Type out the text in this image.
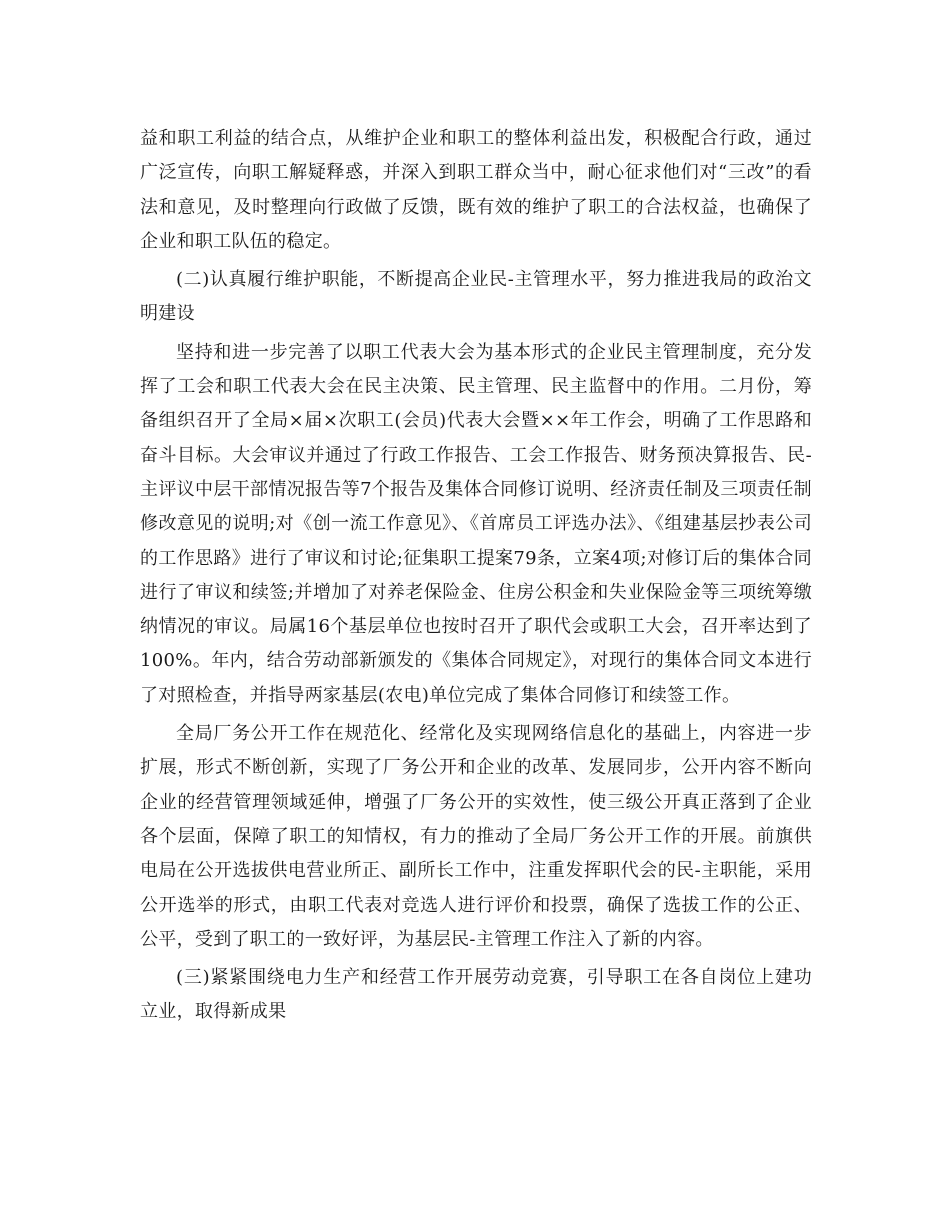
益和职工利益的结合点，从维护企业和职工的整体利益出发，积极配合行政，通过广泛宣传，向职工解疑释惑，并深入到职工群众当中，耐心征求他们对“三改”的看法和意见，及时整理向行政做了反馈，既有效的维护了职工的合法权益，也确保了企业和职工队伍的稳定。

(二)认真履行维护职能，不断提高企业民-主管理水平，努力推进我局的政治文明建设

坚持和进一步完善了以职工代表大会为基本形式的企业民主管理制度，充分发挥了工会和职工代表大会在民主决策、民主管理、民主监督中的作用。二月份，筹备组织召开了全局×届×次职工(会员)代表大会暨××年工作会，明确了工作思路和奋斗目标。大会审议并通过了行政工作报告、工会工作报告、财务预决算报告、民-主评议中层干部情况报告等7个报告及集体合同修订说明、经济责任制及三项责任制修改意见的说明;对《创一流工作意见》、《首席员工评选办法》、《组建基层抄表公司的工作思路》进行了审议和讨论;征集职工提案79条，立案4项;对修订后的集体合同进行了审议和续签;并增加了对养老保险金、住房公积金和失业保险金等三项统筹缴纳情况的审议。局属16个基层单位也按时召开了职代会或职工大会，召开率达到了100%。年内，结合劳动部新颁发的《集体合同规定》，对现行的集体合同文本进行了对照检查，并指导两家基层(农电)单位完成了集体合同修订和续签工作。

全局厂务公开工作在规范化、经常化及实现网络信息化的基础上，内容进一步扩展，形式不断创新，实现了厂务公开和企业的改革、发展同步，公开内容不断向企业的经营管理领域延伸，增强了厂务公开的实效性，使三级公开真正落到了企业各个层面，保障了职工的知情权，有力的推动了全局厂务公开工作的开展。前旗供电局在公开选拔供电营业所正、副所长工作中，注重发挥职代会的民-主职能，采用公开选举的形式，由职工代表对竞选人进行评价和投票，确保了选拔工作的公正、公平，受到了职工的一致好评，为基层民-主管理工作注入了新的内容。

(三)紧紧围绕电力生产和经营工作开展劳动竞赛，引导职工在各自岗位上建功立业，取得新成果
